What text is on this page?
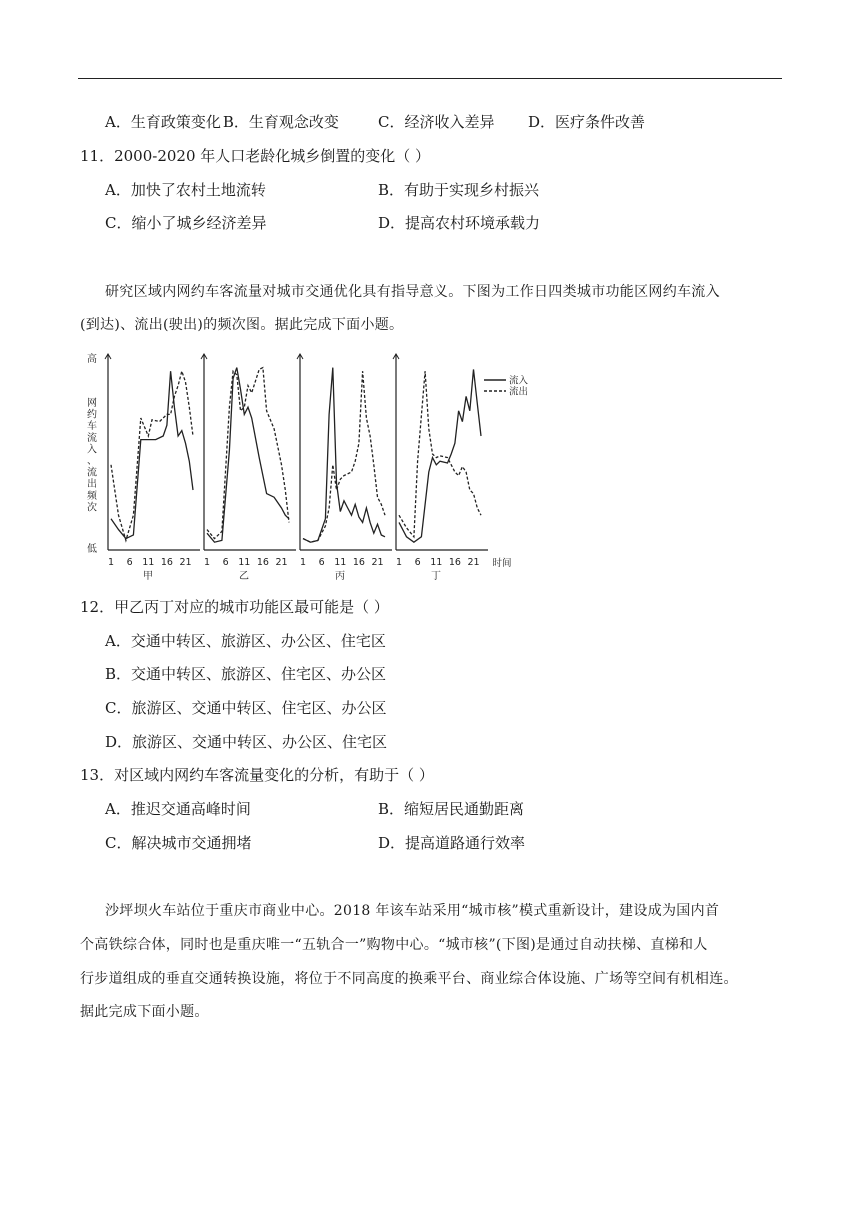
A．生育政策变化 B．生育观念改变	C．经济收入差异 D．医疗条件改善
11．2000-2020 年人口老龄化城乡倒置的变化（ ）
A．加快了农村土地流转	B．有助于实现乡村振兴
C．缩小了城乡经济差异	D．提高农村环境承载力
研究区域内网约车客流量对城市交通优化具有指导意义。下图为工作日四类城市功能区网约车流入
(到达)、流出(驶出)的频次图。据此完成下面小题。
高
低
网约车流入、流出频次
1 6 11 16 21
甲
1 6 11 16 21
乙
1 6 11 16 21
丙
1 6 11 16 21
丁
时间
流入
流出
12．甲乙丙丁对应的城市功能区最可能是（ ）
A．交通中转区、旅游区、办公区、住宅区
B．交通中转区、旅游区、住宅区、办公区
C．旅游区、交通中转区、住宅区、办公区
D．旅游区、交通中转区、办公区、住宅区
13．对区域内网约车客流量变化的分析，有助于（ ）
A．推迟交通高峰时间	B．缩短居民通勤距离
C．解决城市交通拥堵	D．提高道路通行效率
沙坪坝火车站位于重庆市商业中心。2018 年该车站采用“城市核”模式重新设计，建设成为国内首
个高铁综合体，同时也是重庆唯一“五轨合一”购物中心。“城市核”(下图)是通过自动扶梯、直梯和人
行步道组成的垂直交通转换设施，将位于不同高度的换乘平台、商业综合体设施、广场等空间有机相连。
据此完成下面小题。
